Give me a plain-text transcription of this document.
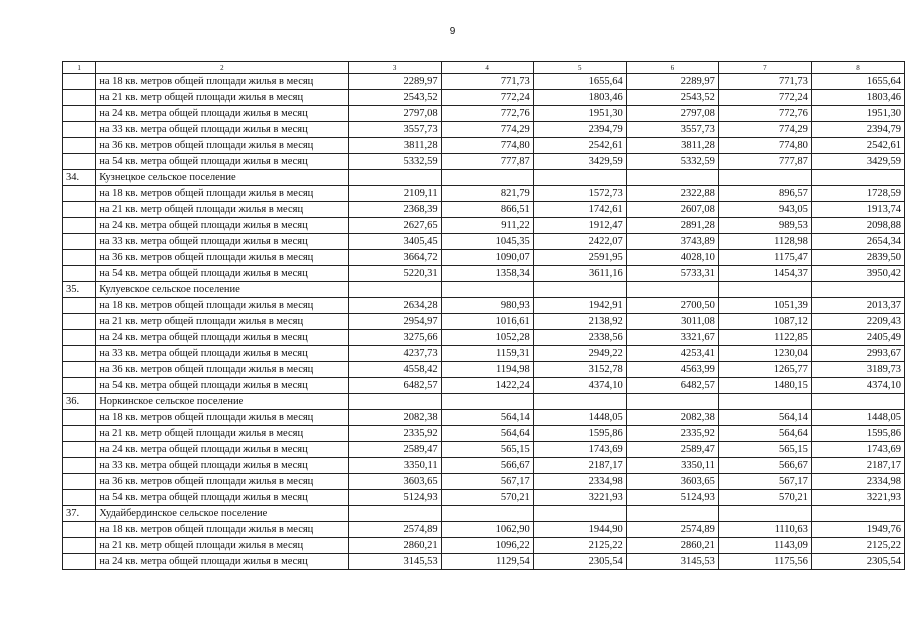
9
1	2	3	4	5	6	7	8
	на 18 кв. метров общей площади жилья в месяц	2289,97	771,73	1655,64	2289,97	771,73	1655,64
	на 21 кв. метр общей площади жилья в месяц	2543,52	772,24	1803,46	2543,52	772,24	1803,46
	на 24 кв. метра общей площади жилья в месяц	2797,08	772,76	1951,30	2797,08	772,76	1951,30
	на 33 кв. метра общей площади жилья в месяц	3557,73	774,29	2394,79	3557,73	774,29	2394,79
	на 36 кв. метров общей площади жилья в месяц	3811,28	774,80	2542,61	3811,28	774,80	2542,61
	на 54 кв. метра общей площади жилья в месяц	5332,59	777,87	3429,59	5332,59	777,87	3429,59
34.	Кузнецкое сельское поселение						
	на 18 кв. метров общей площади жилья в месяц	2109,11	821,79	1572,73	2322,88	896,57	1728,59
	на 21 кв. метр общей площади жилья в месяц	2368,39	866,51	1742,61	2607,08	943,05	1913,74
	на 24 кв. метра общей площади жилья в месяц	2627,65	911,22	1912,47	2891,28	989,53	2098,88
	на 33 кв. метра общей площади жилья в месяц	3405,45	1045,35	2422,07	3743,89	1128,98	2654,34
	на 36 кв. метров общей площади жилья в месяц	3664,72	1090,07	2591,95	4028,10	1175,47	2839,50
	на 54 кв. метра общей площади жилья в месяц	5220,31	1358,34	3611,16	5733,31	1454,37	3950,42
35.	Кулуевское сельское поселение						
	на 18 кв. метров общей площади жилья в месяц	2634,28	980,93	1942,91	2700,50	1051,39	2013,37
	на 21 кв. метр общей площади жилья в месяц	2954,97	1016,61	2138,92	3011,08	1087,12	2209,43
	на 24 кв. метра общей площади жилья в месяц	3275,66	1052,28	2338,56	3321,67	1122,85	2405,49
	на 33 кв. метра общей площади жилья в месяц	4237,73	1159,31	2949,22	4253,41	1230,04	2993,67
	на 36 кв. метров общей площади жилья в месяц	4558,42	1194,98	3152,78	4563,99	1265,77	3189,73
	на 54 кв. метра общей площади жилья в месяц	6482,57	1422,24	4374,10	6482,57	1480,15	4374,10
36.	Норкинское сельское поселение						
	на 18 кв. метров общей площади жилья в месяц	2082,38	564,14	1448,05	2082,38	564,14	1448,05
	на 21 кв. метр общей площади жилья в месяц	2335,92	564,64	1595,86	2335,92	564,64	1595,86
	на 24 кв. метра общей площади жилья в месяц	2589,47	565,15	1743,69	2589,47	565,15	1743,69
	на 33 кв. метра общей площади жилья в месяц	3350,11	566,67	2187,17	3350,11	566,67	2187,17
	на 36 кв. метров общей площади жилья в месяц	3603,65	567,17	2334,98	3603,65	567,17	2334,98
	на 54 кв. метра общей площади жилья в месяц	5124,93	570,21	3221,93	5124,93	570,21	3221,93
37.	Худайбердинское сельское поселение						
	на 18 кв. метров общей площади жилья в месяц	2574,89	1062,90	1944,90	2574,89	1110,63	1949,76
	на 21 кв. метр общей площади жилья в месяц	2860,21	1096,22	2125,22	2860,21	1143,09	2125,22
	на 24 кв. метра общей площади жилья в месяц	3145,53	1129,54	2305,54	3145,53	1175,56	2305,54
